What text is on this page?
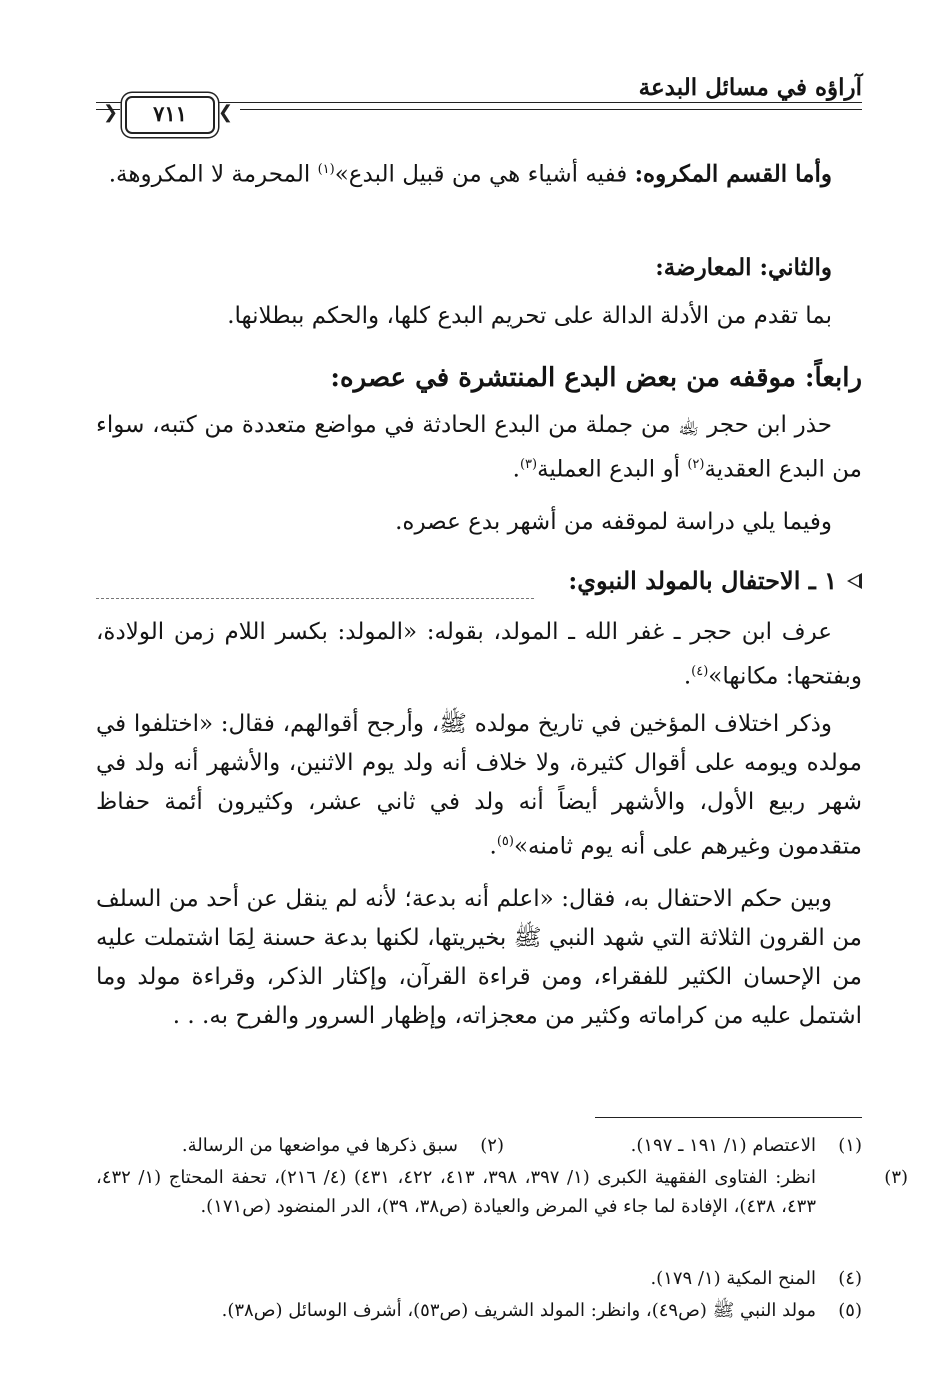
آراؤه في مسائل البدعة
❮	❯
٧١١
وأما القسم المكروه: ففيه أشياء هي من قبيل البدع»$^{(١)}$ المحرمة لا المكروهة.
والثاني: المعارضة:
بما تقدم من الأدلة الدالة على تحريم البدع كلها، والحكم ببطلانها.
رابعاً: موقفه من بعض البدع المنتشرة في عصره:
حذر ابن حجر ﵀ من جملة من البدع الحادثة في مواضع متعددة من كتبه، سواء من البدع العقدية$^{(٢)}$ أو البدع العملية$^{(٣)}$.
وفيما يلي دراسة لموقفه من أشهر بدع عصره.
١ ـ الاحتفال بالمولد النبوي:
عرف ابن حجر ـ غفر الله ـ المولد، بقوله: «المولد: بكسر اللام زمن الولادة، وبفتحها: مكانها»$^{(٤)}$.
وذكر اختلاف المؤخين في تاريخ مولده ﷺ، وأرجح أقوالهم، فقال: «اختلفوا في مولده ويومه على أقوال كثيرة، ولا خلاف أنه ولد يوم الاثنين، والأشهر أنه ولد في شهر ربيع الأول، والأشهر أيضاً أنه ولد في ثاني عشر، وكثيرون أئمة حفاظ متقدمون وغيرهم على أنه يوم ثامنه»$^{(٥)}$.
وبين حكم الاحتفال به، فقال: «اعلم أنه بدعة؛ لأنه لم ينقل عن أحد من السلف من القرون الثلاثة التي شهد النبي ﷺ بخيريتها، لكنها بدعة حسنة لِمَا اشتملت عليه من الإحسان الكثير للفقراء، ومن قراءة القرآن، وإكثار الذكر، وقراءة مولد وما اشتمل عليه من كراماته وكثير من معجزاته، وإظهار السرور والفرح به. . .
(١)الاعتصام (١/ ١٩١ ـ ١٩٧).
(٢)سبق ذكرها في مواضعها من الرسالة.
(٣)انظر: الفتاوى الفقهية الكبرى (١/ ٣٩٧، ٣٩٨، ٤١٣، ٤٢٢، ٤٣١) (٤/ ٢١٦)، تحفة المحتاج (١/ ٤٣٢، ٤٣٣، ٤٣٨)، الإفادة لما جاء في المرض والعيادة (ص٣٨، ٣٩)، الدر المنضود (ص١٧١).
(٤)المنح المكية (١/ ١٧٩).
(٥)مولد النبي ﷺ (ص٤٩)، وانظر: المولد الشريف (ص٥٣)، أشرف الوسائل (ص٣٨).
